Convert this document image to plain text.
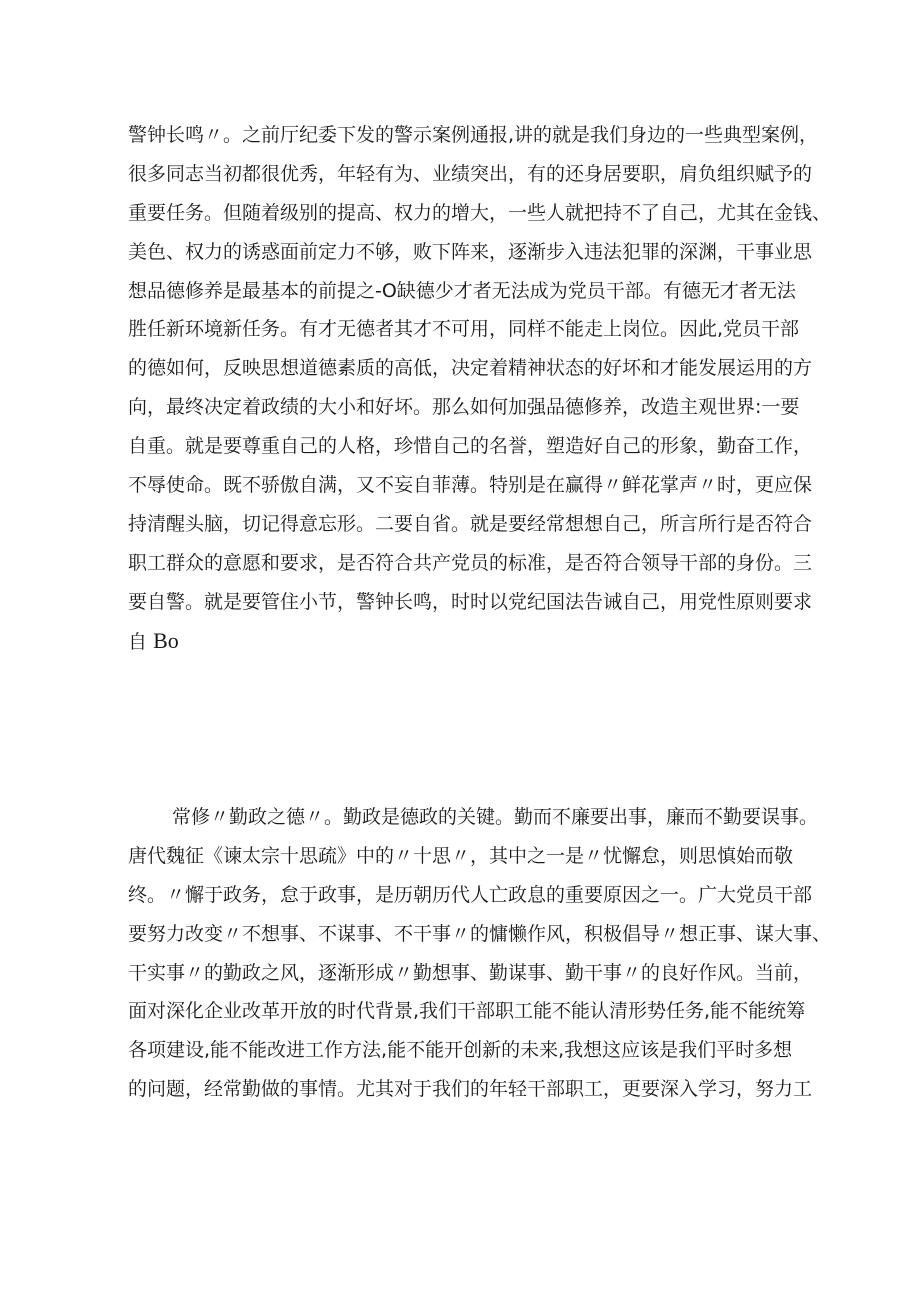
警钟长鸣〃。之前厅纪委下发的警示案例通报,讲的就是我们身边的一些典型案例，
很多同志当初都很优秀，年轻有为、业绩突出，有的还身居要职，肩负组织赋予的
重要任务。但随着级别的提高、权力的增大，一些人就把持不了自己，尤其在金钱、
美色、权力的诱惑面前定力不够，败下阵来，逐渐步入违法犯罪的深渊，干事业思
想品德修养是最基本的前提之-O缺德少才者无法成为党员干部。有德无才者无法
胜任新环境新任务。有才无德者其才不可用，同样不能走上岗位。因此,党员干部
的德如何，反映思想道德素质的高低，决定着精神状态的好坏和才能发展运用的方
向，最终决定着政绩的大小和好坏。那么如何加强品德修养，改造主观世界:一要
自重。就是要尊重自己的人格，珍惜自己的名誉，塑造好自己的形象，勤奋工作，
不辱使命。既不骄傲自满，又不妄自菲薄。特别是在赢得〃鲜花掌声〃时，更应保
持清醒头脑，切记得意忘形。二要自省。就是要经常想想自己，所言所行是否符合
职工群众的意愿和要求，是否符合共产党员的标准，是否符合领导干部的身份。三
要自警。就是要管住小节，警钟长鸣，时时以党纪国法告诫自己，用党性原则要求
自 Bo
常修〃勤政之德〃。勤政是德政的关键。勤而不廉要出事，廉而不勤要误事。
唐代魏征《谏太宗十思疏》中的〃十思〃，其中之一是〃忧懈怠，则思慎始而敬
终。〃懈于政务，怠于政事，是历朝历代人亡政息的重要原因之一。广大党员干部
要努力改变〃不想事、不谋事、不干事〃的慵懒作风，积极倡导〃想正事、谋大事、
干实事〃的勤政之风，逐渐形成〃勤想事、勤谋事、勤干事〃的良好作风。当前，
面对深化企业改革开放的时代背景,我们干部职工能不能认清形势任务,能不能统筹
各项建设,能不能改进工作方法,能不能开创新的未来,我想这应该是我们平时多想
的问题，经常勤做的事情。尤其对于我们的年轻干部职工，更要深入学习，努力工
